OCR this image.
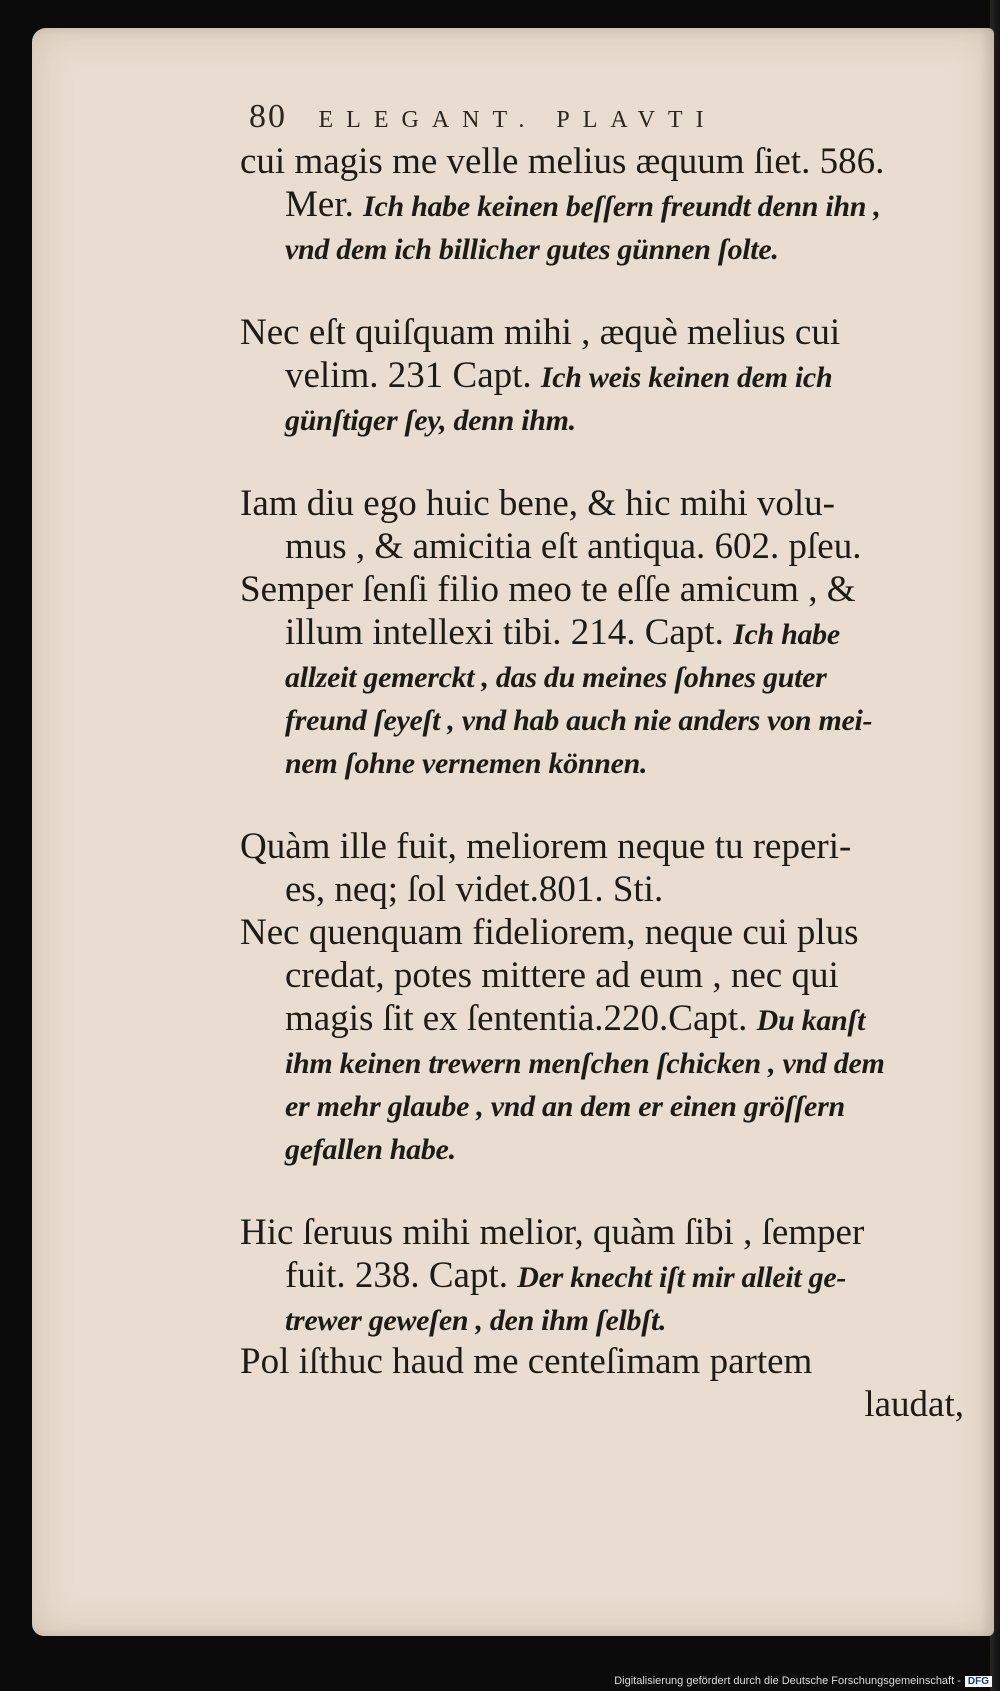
80 ELEGANT. PLAVTI
cui magis me velle melius æquum ſiet. 586.
Mer. Ich habe keinen beſſern freundt denn ihn ,
vnd dem ich billicher gutes günnen ſolte.
Nec eſt quiſquam mihi , æquè melius cui
velim. 231 Capt. Ich weis keinen dem ich
günſtiger ſey, denn ihm.
Iam diu ego huic bene, & hic mihi volu-
mus , & amicitia eſt antiqua. 602. pſeu.
Semper ſenſi filio meo te eſſe amicum , &
illum intellexi tibi. 214. Capt. Ich habe
allzeit gemerckt , das du meines ſohnes guter
freund ſeyeſt , vnd hab auch nie anders von mei-
nem ſohne vernemen können.
Quàm ille fuit, meliorem neque tu reperi-
es, neq; ſol videt.801. Sti.
Nec quenquam fideliorem, neque cui plus
credat, potes mittere ad eum , nec qui
magis ſit ex ſententia.220.Capt. Du kanſt
ihm keinen trewern menſchen ſchicken , vnd dem
er mehr glaube , vnd an dem er einen gröſſern
gefallen habe.
Hic ſeruus mihi melior, quàm ſibi , ſemper
fuit. 238. Capt. Der knecht iſt mir alleit ge-
trewer geweſen , den ihm ſelbſt.
Pol iſthuc haud me centeſimam partem
laudat,
Digitalisierung gefördert durch die Deutsche Forschungsgemeinschaft - DFG
